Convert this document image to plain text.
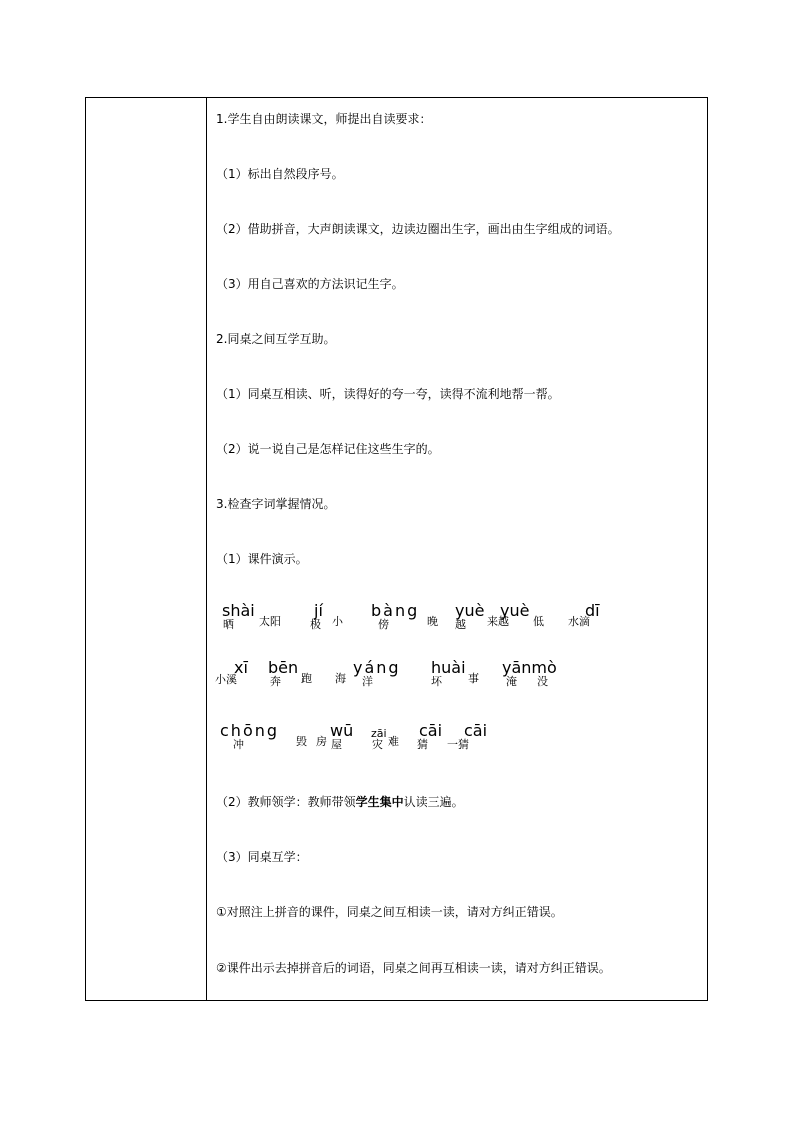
1.学生自由朗读课文，师提出自读要求：
（1）标出自然段序号。
（2）借助拼音，大声朗读课文，边读边圈出生字，画出由生字组成的词语。
（3）用自己喜欢的方法识记生字。
2.同桌之间互学互助。
（1）同桌互相读、听，读得好的夸一夸，读得不流利地帮一帮。
（2）说一说自己是怎样记住这些生字的。
3.检查字词掌握情况。
（1）课件演示。
shài	jí	bàng yuè yuè	dī
晒 太阳	极 小	傍	晚 越 来越 低 水滴
xī bēn	yáng huài yānmò
小溪	奔 跑 海 洋	坏 事 淹 没
chōng	wū zāi cāi cāi
冲	毁 房 屋	灾 难 猜 一猜
（2）教师领学：教师带领学生集中认读三遍。
（3）同桌互学：
①对照注上拼音的课件，同桌之间互相读一读，请对方纠正错误。
②课件出示去掉拼音后的词语，同桌之间再互相读一读，请对方纠正错误。
